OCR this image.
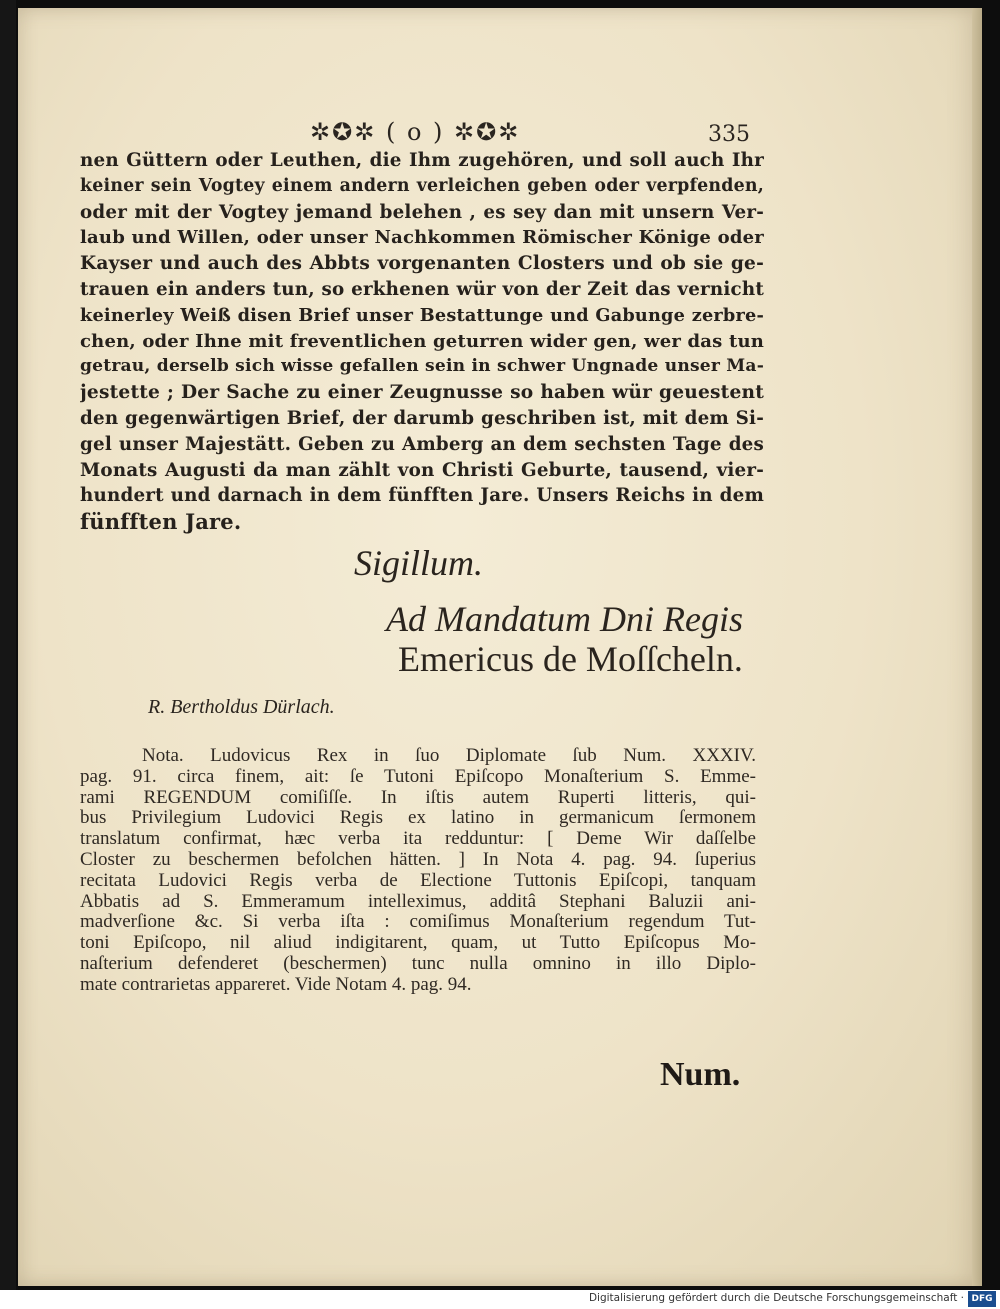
✲✪✲ ( o ) ✲✪✲	335
nen Güttern oder Leuthen, die Ihm zugehören, und soll auch Ihr
keiner sein Vogtey einem andern verleichen geben oder verpfenden,
oder mit der Vogtey jemand belehen , es sey dan mit unsern Ver-
laub und Willen, oder unser Nachkommen Römischer Könige oder
Kayser und auch des Abbts vorgenanten Closters und ob sie ge-
trauen ein anders tun, so erkhenen wür von der Zeit das vernicht
keinerley Weiß disen Brief unser Bestattunge und Gabunge zerbre-
chen, oder Ihne mit freventlichen geturren wider gen, wer das tun
getrau, derselb sich wisse gefallen sein in schwer Ungnade unser Ma-
jestette ; Der Sache zu einer Zeugnusse so haben wür geuestent
den gegenwärtigen Brief, der darumb geschriben ist, mit dem Si-
gel unser Majestätt. Geben zu Amberg an dem sechsten Tage des
Monats Augusti da man zählt von Christi Geburte, tausend, vier-
hundert und darnach in dem fünfften Jare. Unsers Reichs in dem
fünfften Jare.
Sigillum.
Ad Mandatum Dni Regis
Emericus de Moſſcheln.
R. Bertholdus Dürlach.
Nota. Ludovicus Rex in ſuo Diplomate ſub Num. XXXIV.
pag. 91. circa finem, ait: ſe Tutoni Epiſcopo Monaſterium S. Emme-
rami REGENDUM comiſiſſe. In iſtis autem Ruperti litteris, qui-
bus Privilegium Ludovici Regis ex latino in germanicum ſermonem
translatum confirmat, hæc verba ita redduntur: [ Deme Wir daſſelbe
Closter zu beschermen befolchen hätten. ] In Nota 4. pag. 94. ſuperius
recitata Ludovici Regis verba de Electione Tuttonis Epiſcopi, tanquam
Abbatis ad S. Emmeramum intelleximus, additâ Stephani Baluzii ani-
madverſione &c. Si verba iſta : comiſimus Monaſterium regendum Tut-
toni Epiſcopo, nil aliud indigitarent, quam, ut Tutto Epiſcopus Mo-
naſterium defenderet (beschermen) tunc nulla omnino in illo Diplo-
mate contrarietas appareret. Vide Notam 4. pag. 94.
Num.
Digitalisierung gefördert durch die Deutsche Forschungsgemeinschaft · DFG
